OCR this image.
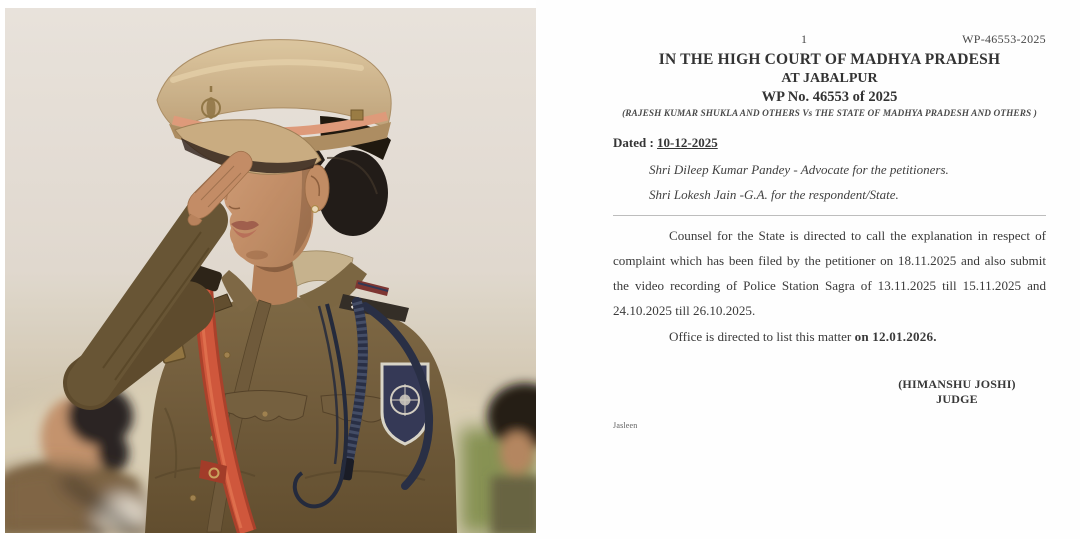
मप्र
1	WP-46553-2025
IN THE HIGH COURT OF MADHYA PRADESH
AT JABALPUR
WP No. 46553 of 2025
(RAJESH KUMAR SHUKLA AND OTHERS Vs THE STATE OF MADHYA PRADESH AND OTHERS )
Dated : 10-12-2025
Shri Dileep Kumar Pandey - Advocate for the petitioners.
Shri Lokesh Jain -G.A. for the respondent/State.

Counsel for the State is directed to call the explanation in respect of complaint which has been filed by the petitioner on 18.11.2025 and also submit the video recording of Police Station Sagra of 13.11.2025 till 15.11.2025 and 24.10.2025 till 26.10.2025.

Office is directed to list this matter on 12.01.2026.

(HIMANSHU JOSHI)
JUDGE
Jasleen
